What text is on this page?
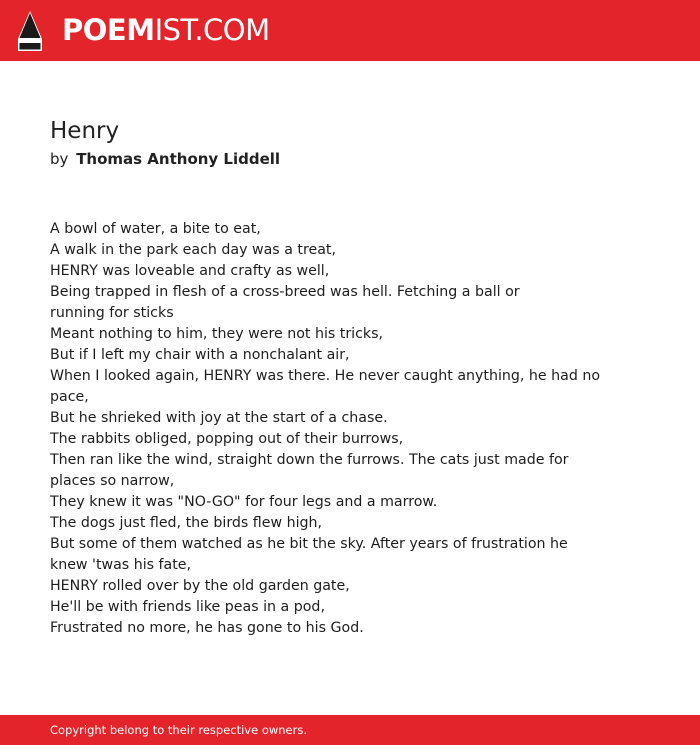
POEMIST.COM
Henry
by Thomas Anthony Liddell
A bowl of water, a bite to eat,
A walk in the park each day was a treat,
HENRY was loveable and crafty as well,
Being trapped in flesh of a cross-breed was hell. Fetching a ball or
running for sticks
Meant nothing to him, they were not his tricks,
But if I left my chair with a nonchalant air,
When I looked again, HENRY was there. He never caught anything, he had no
pace,
But he shrieked with joy at the start of a chase.
The rabbits obliged, popping out of their burrows,
Then ran like the wind, straight down the furrows. The cats just made for
places so narrow,
They knew it was "NO-GO" for four legs and a marrow.
The dogs just fled, the birds flew high,
But some of them watched as he bit the sky. After years of frustration he
knew 'twas his fate,
HENRY rolled over by the old garden gate,
He'll be with friends like peas in a pod,
Frustrated no more, he has gone to his God.
Copyright belong to their respective owners.
